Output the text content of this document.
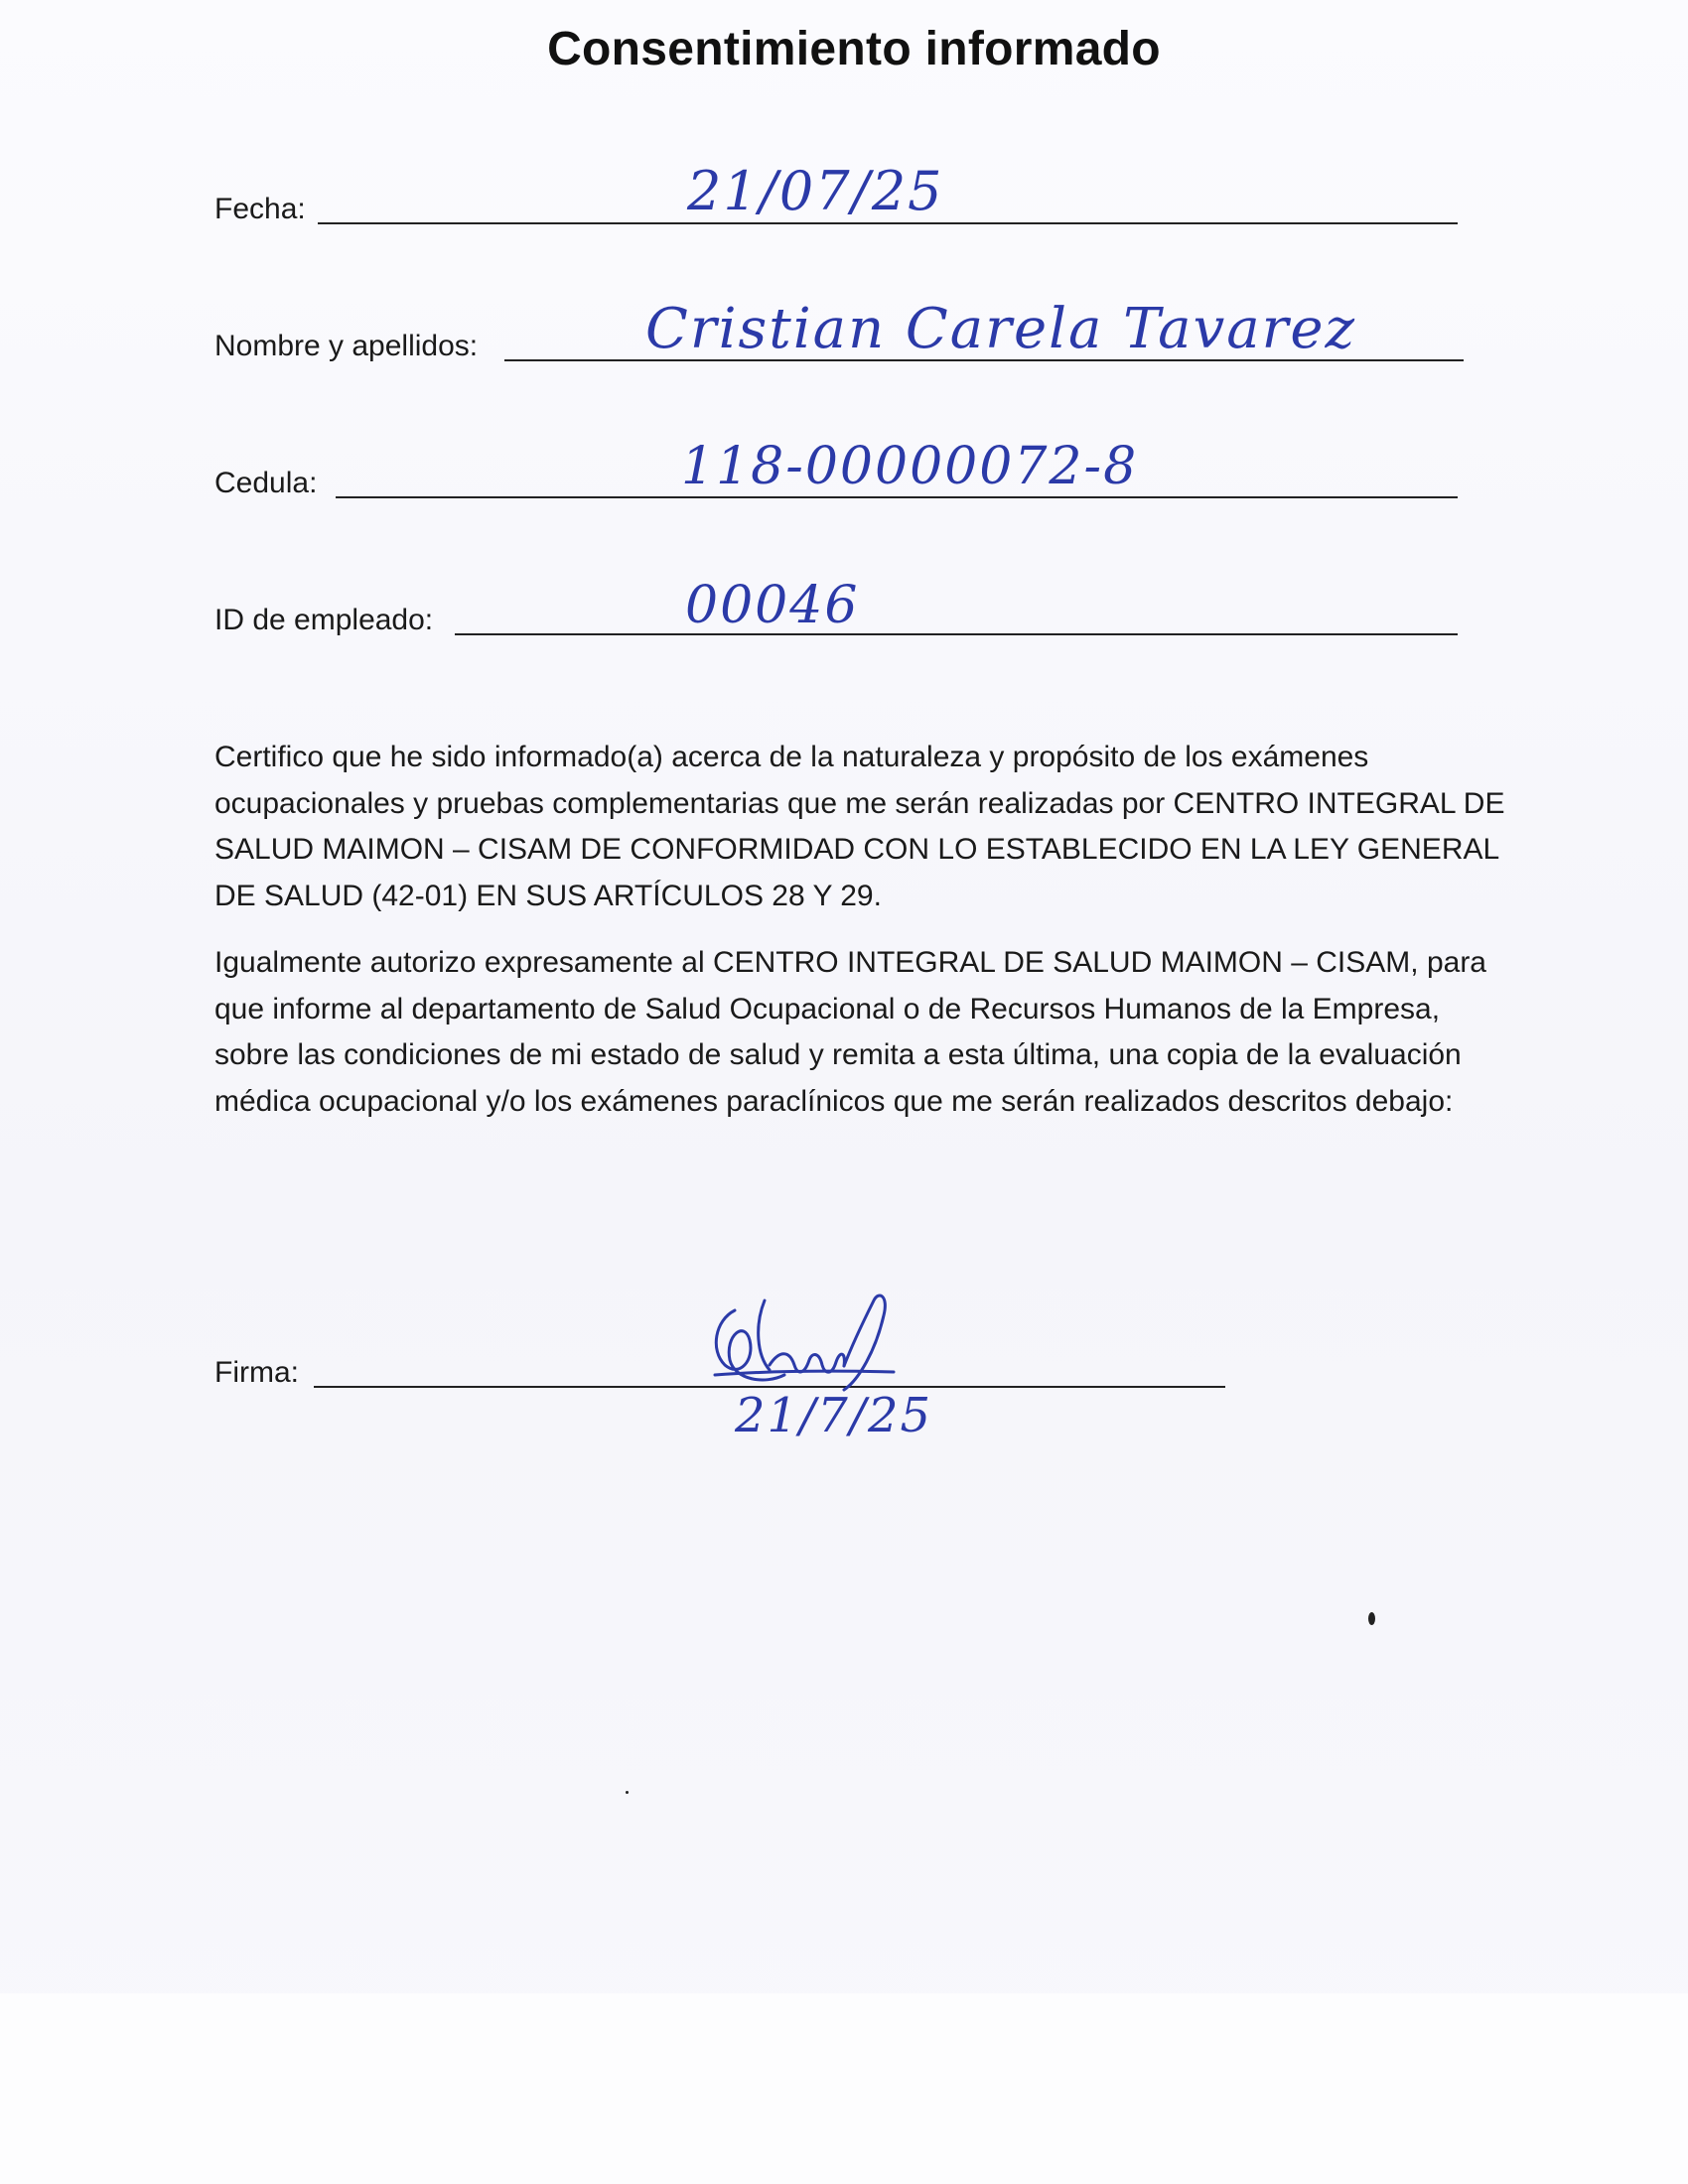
Consentimiento informado
Fecha:	21/07/25
Nombre y apellidos:	Cristian Carela Tavarez
Cedula:	118-00000072-8
ID de empleado:	00046
Certifico que he sido informado(a) acerca de la naturaleza y propósito de los exámenes ocupacionales y pruebas complementarias que me serán realizadas por CENTRO INTEGRAL DE SALUD MAIMON – CISAM DE CONFORMIDAD CON LO ESTABLECIDO EN LA LEY GENERAL DE SALUD (42-01) EN SUS ARTÍCULOS 28 Y 29.
Igualmente autorizo expresamente al CENTRO INTEGRAL DE SALUD MAIMON – CISAM, para que informe al departamento de Salud Ocupacional o de Recursos Humanos de la Empresa, sobre las condiciones de mi estado de salud y remita a esta última, una copia de la evaluación médica ocupacional y/o los exámenes paraclínicos que me serán realizados descritos debajo:
Firma:
21/7/25
